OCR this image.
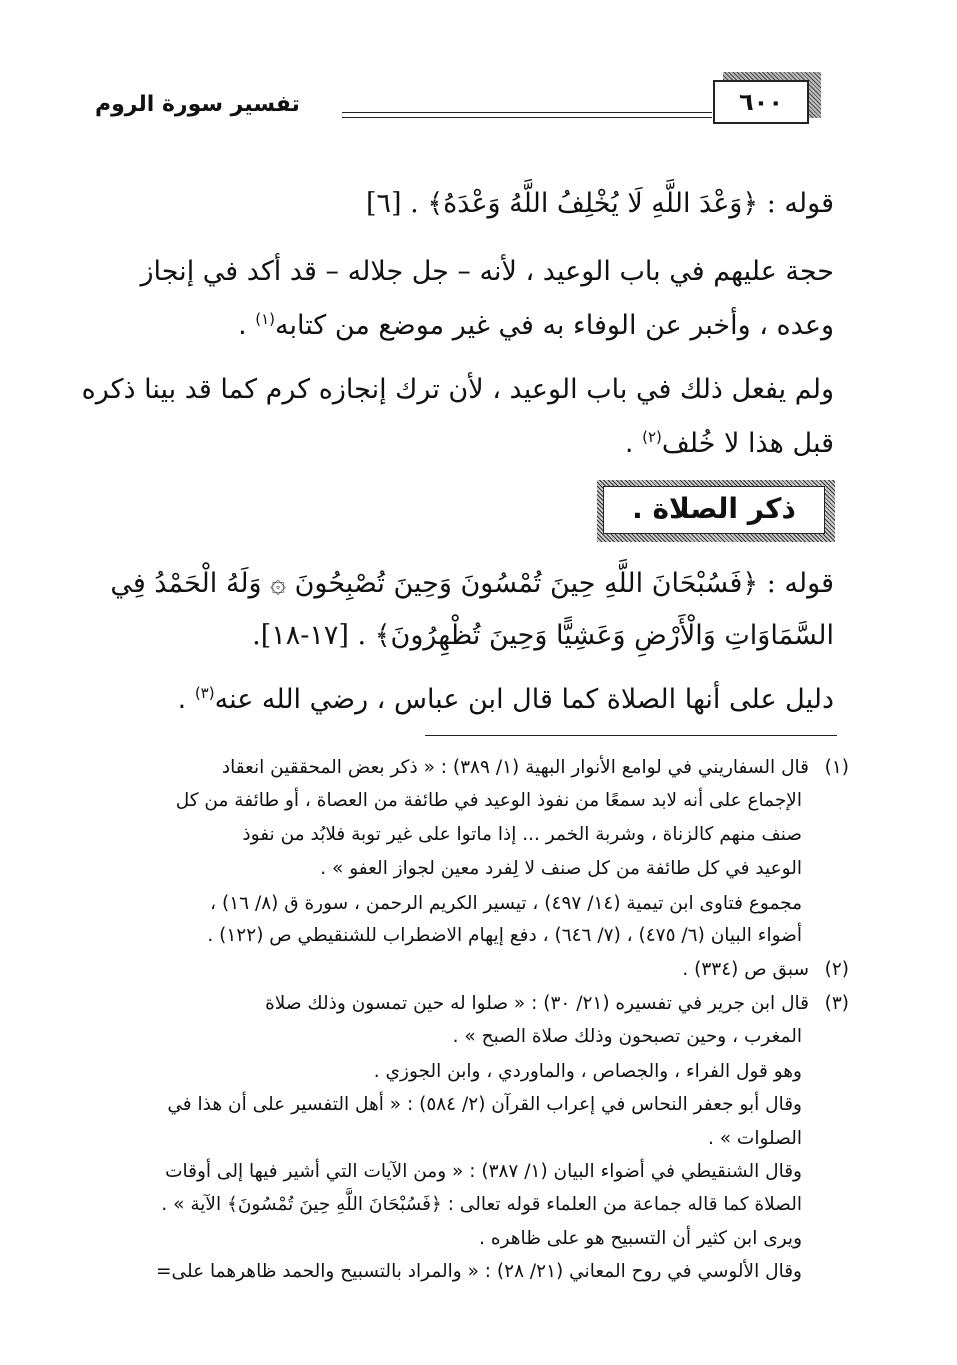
تفسير سورة الروم	٦٠٠
قوله : ﴿وَعْدَ اللَّهِ لَا يُخْلِفُ اللَّهُ وَعْدَهُ﴾ . [٦]
حجة عليهم في باب الوعيد ، لأنه – جل جلاله – قد أكد في إنجاز
وعده ، وأخبر عن الوفاء به في غير موضع من كتابه$^{(١)}$ .
ولم يفعل ذلك في باب الوعيد ، لأن ترك إنجازه كرم كما قد بينا ذكره
قبل هذا لا خُلف$^{(٢)}$ .
ذكر الصلاة .
قوله : ﴿فَسُبْحَانَ اللَّهِ حِينَ تُمْسُونَ وَحِينَ تُصْبِحُونَ ۞ وَلَهُ الْحَمْدُ فِي
السَّمَاوَاتِ وَالْأَرْضِ وَعَشِيًّا وَحِينَ تُظْهِرُونَ﴾ . [١٧-١٨].
دليل على أنها الصلاة كما قال ابن عباس ، رضي الله عنه$^{(٣)}$ .
(١)
قال السفاريني في لوامع الأنوار البهية (١/ ٣٨٩) : « ذكر بعض المحققين انعقاد
الإجماع على أنه لابد سمعًا من نفوذ الوعيد في طائفة من العصاة ، أو طائفة من كل
صنف منهم كالزناة ، وشربة الخمر ... إذا ماتوا على غير توبة فلابُد من نفوذ
الوعيد في كل طائفة من كل صنف لا لِفرد معين لجواز العفو » .
مجموع فتاوى ابن تيمية (١٤/ ٤٩٧) ، تيسير الكريم الرحمن ، سورة ق (٨/ ١٦) ،
أضواء البيان (٦/ ٤٧٥) ، (٧/ ٦٤٦) ، دفع إيهام الاضطراب للشنقيطي ص (١٢٢) .
(٢)
سبق ص (٣٣٤) .
(٣)
قال ابن جرير في تفسيره (٢١/ ٣٠) : « صلوا له حين تمسون وذلك صلاة
المغرب ، وحين تصبحون وذلك صلاة الصبح » .
وهو قول الفراء ، والجصاص ، والماوردي ، وابن الجوزي .
وقال أبو جعفر النحاس في إعراب القرآن (٢/ ٥٨٤) : « أهل التفسير على أن هذا في
الصلوات » .
وقال الشنقيطي في أضواء البيان (١/ ٣٨٧) : « ومن الآيات التي أشير فيها إلى أوقات
الصلاة كما قاله جماعة من العلماء قوله تعالى : ﴿فَسُبْحَانَ اللَّهِ حِينَ تُمْسُونَ﴾ الآية » .
ويرى ابن كثير أن التسبيح هو على ظاهره .
وقال الألوسي في روح المعاني (٢١/ ٢٨) : « والمراد بالتسبيح والحمد ظاهرهما على=
